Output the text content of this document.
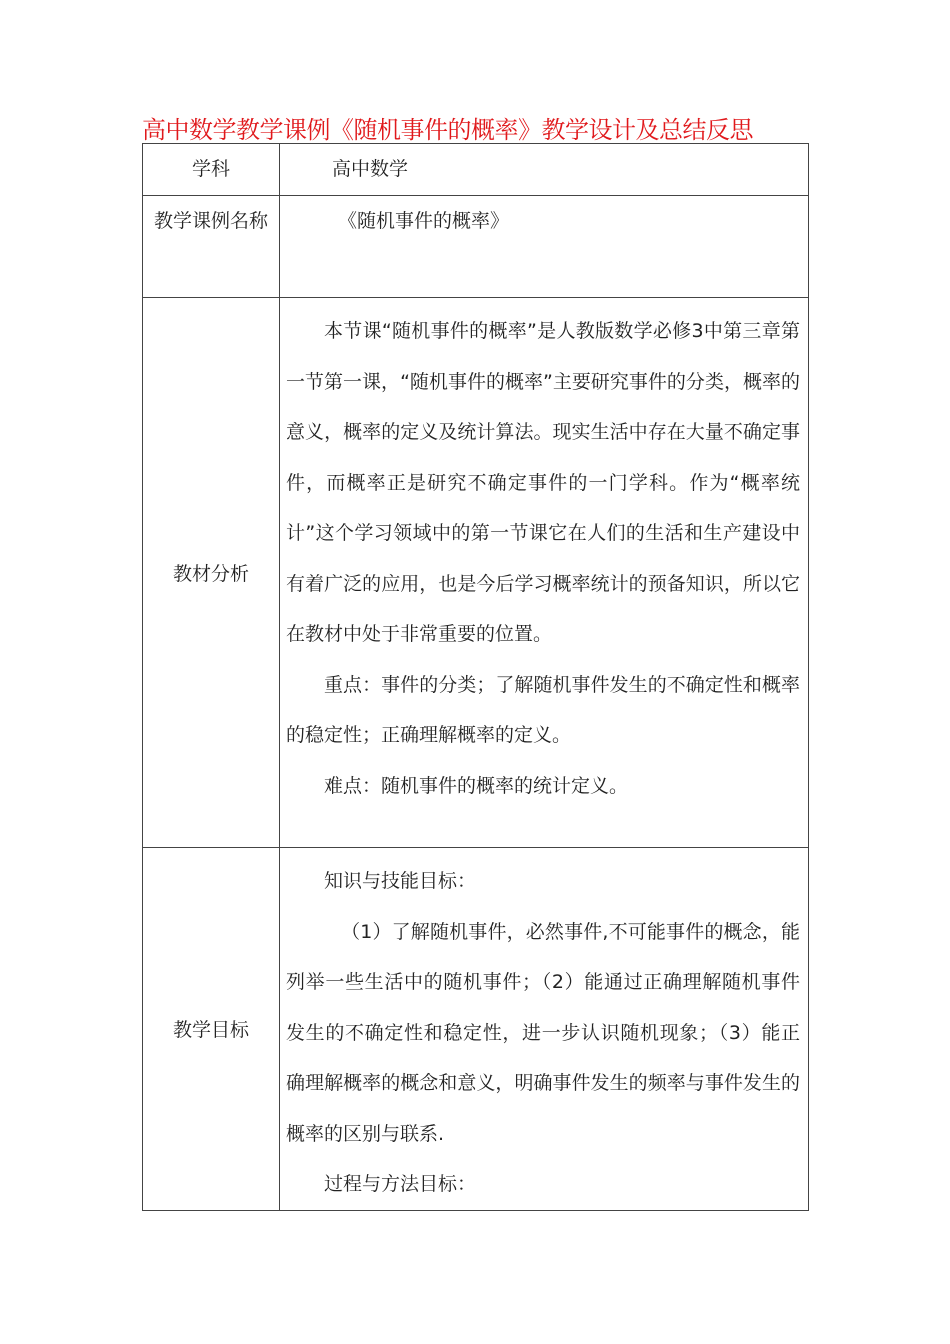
高中数学教学课例《随机事件的概率》教学设计及总结反思
学科	高中数学

教学课例名称	《随机事件的概率》

教材分析	本节课“随机事件的概率”是人教版数学必修3中第三章第一节第一课，“随机事件的概率”主要研究事件的分类，概率的意义，概率的定义及统计算法。现实生活中存在大量不确定事件，而概率正是研究不确定事件的一门学科。作为“概率统计”这个学习领域中的第一节课它在人们的生活和生产建设中有着广泛的应用，也是今后学习概率统计的预备知识，所以它在教材中处于非常重要的位置。

重点：事件的分类；了解随机事件发生的不确定性和概率的稳定性；正确理解概率的定义。

难点：随机事件的概率的统计定义。

教学目标	知识与技能目标：

（1）了解随机事件，必然事件,不可能事件的概念，能列举一些生活中的随机事件；（2）能通过正确理解随机事件发生的不确定性和稳定性，进一步认识随机现象；（3）能正确理解概率的概念和意义，明确事件发生的频率与事件发生的概率的区别与联系.

过程与方法目标：
